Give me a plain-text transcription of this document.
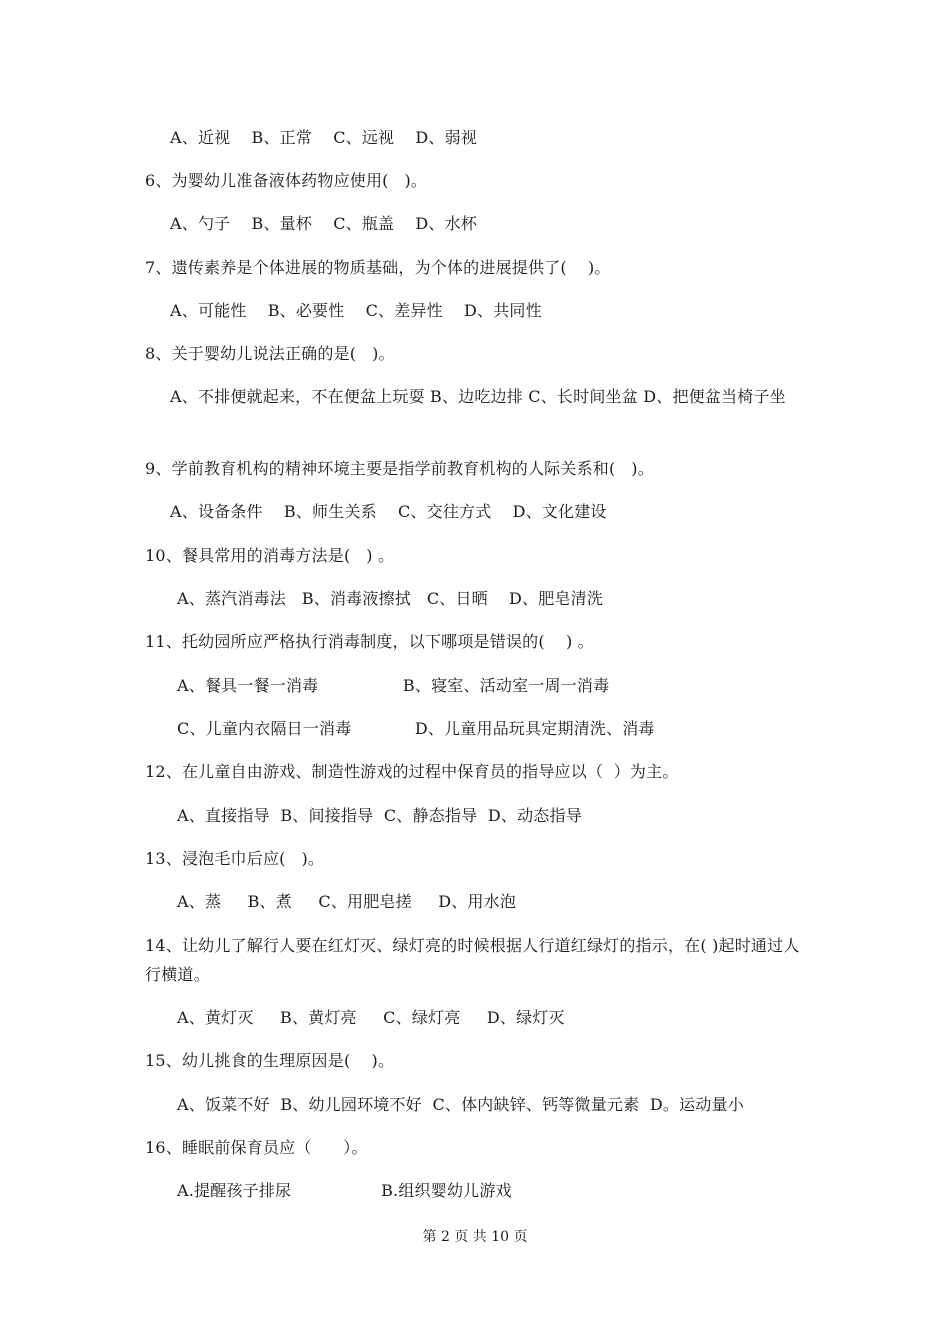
A、近视    B、正常    C、远视    D、弱视
6、为婴幼儿准备液体药物应使用(   )。
A、勺子    B、量杯    C、瓶盖    D、水杯
7、遗传素养是个体进展的物质基础，为个体的进展提供了(    )。
A、可能性    B、必要性    C、差异性    D、共同性
8、关于婴幼儿说法正确的是(   )。
A、不排便就起来，不在便盆上玩耍 B、边吃边排 C、长时间坐盆 D、把便盆当椅子坐
9、学前教育机构的精神环境主要是指学前教育机构的人际关系和(   )。
A、设备条件    B、师生关系    C、交往方式    D、文化建设
10、餐具常用的消毒方法是(   ) 。
A、蒸汽消毒法   B、消毒液擦拭   C、日晒    D、肥皂清洗
11、托幼园所应严格执行消毒制度，以下哪项是错误的(    ) 。
A、餐具一餐一消毒                B、寝室、活动室一周一消毒
C、儿童内衣隔日一消毒            D、儿童用品玩具定期清洗、消毒
12、在儿童自由游戏、制造性游戏的过程中保育员的指导应以（  ）为主。
A、直接指导  B、间接指导  C、静态指导  D、动态指导
13、浸泡毛巾后应(   )。
A、蒸     B、煮     C、用肥皂搓     D、用水泡
14、让幼儿了解行人要在红灯灭、绿灯亮的时候根据人行道红绿灯的指示，在( )起时通过人行横道。
A、黄灯灭     B、黄灯亮     C、绿灯亮     D、绿灯灭
15、幼儿挑食的生理原因是(    )。
A、饭菜不好  B、幼儿园环境不好  C、体内缺锌、钙等微量元素  D。运动量小
16、睡眠前保育员应（      ）。
A.提醒孩子排尿                 B.组织婴幼儿游戏
第 2 页 共 10 页
